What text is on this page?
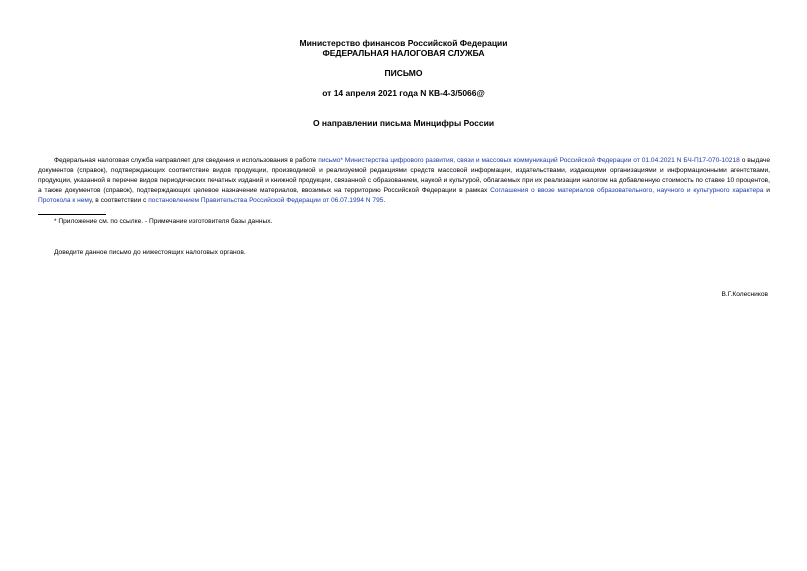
Министерство финансов Российской Федерации
ФЕДЕРАЛЬНАЯ НАЛОГОВАЯ СЛУЖБА
ПИСЬМО
от 14 апреля 2021 года N КВ-4-3/5066@
О направлении письма Минцифры России
Федеральная налоговая служба направляет для сведения и использования в работе письмо* Министерства цифрового развития, связи и массовых коммуникаций Российской Федерации от 01.04.2021 N БЧ-П17-070-10218 о выдаче документов (справок), подтверждающих соответствие видов продукции, производимой и реализуемой редакциями средств массовой информации, издательствами, издающими организациями и информационными агентствами, продукции, указанной в перечне видов периодических печатных изданий и книжной продукции, связанной с образованием, наукой и культурой, облагаемых при их реализации налогом на добавленную стоимость по ставке 10 процентов, а также документов (справок), подтверждающих целевое назначение материалов, ввозимых на территорию Российской Федерации в рамках Соглашения о ввозе материалов образовательного, научного и культурного характера и Протокола к нему, в соответствии с постановлением Правительства Российской Федерации от 06.07.1994 N 795.
* Приложение см. по ссылке. - Примечание изготовителя базы данных.
Доведите данное письмо до нижестоящих налоговых органов.
В.Г.Колесников
